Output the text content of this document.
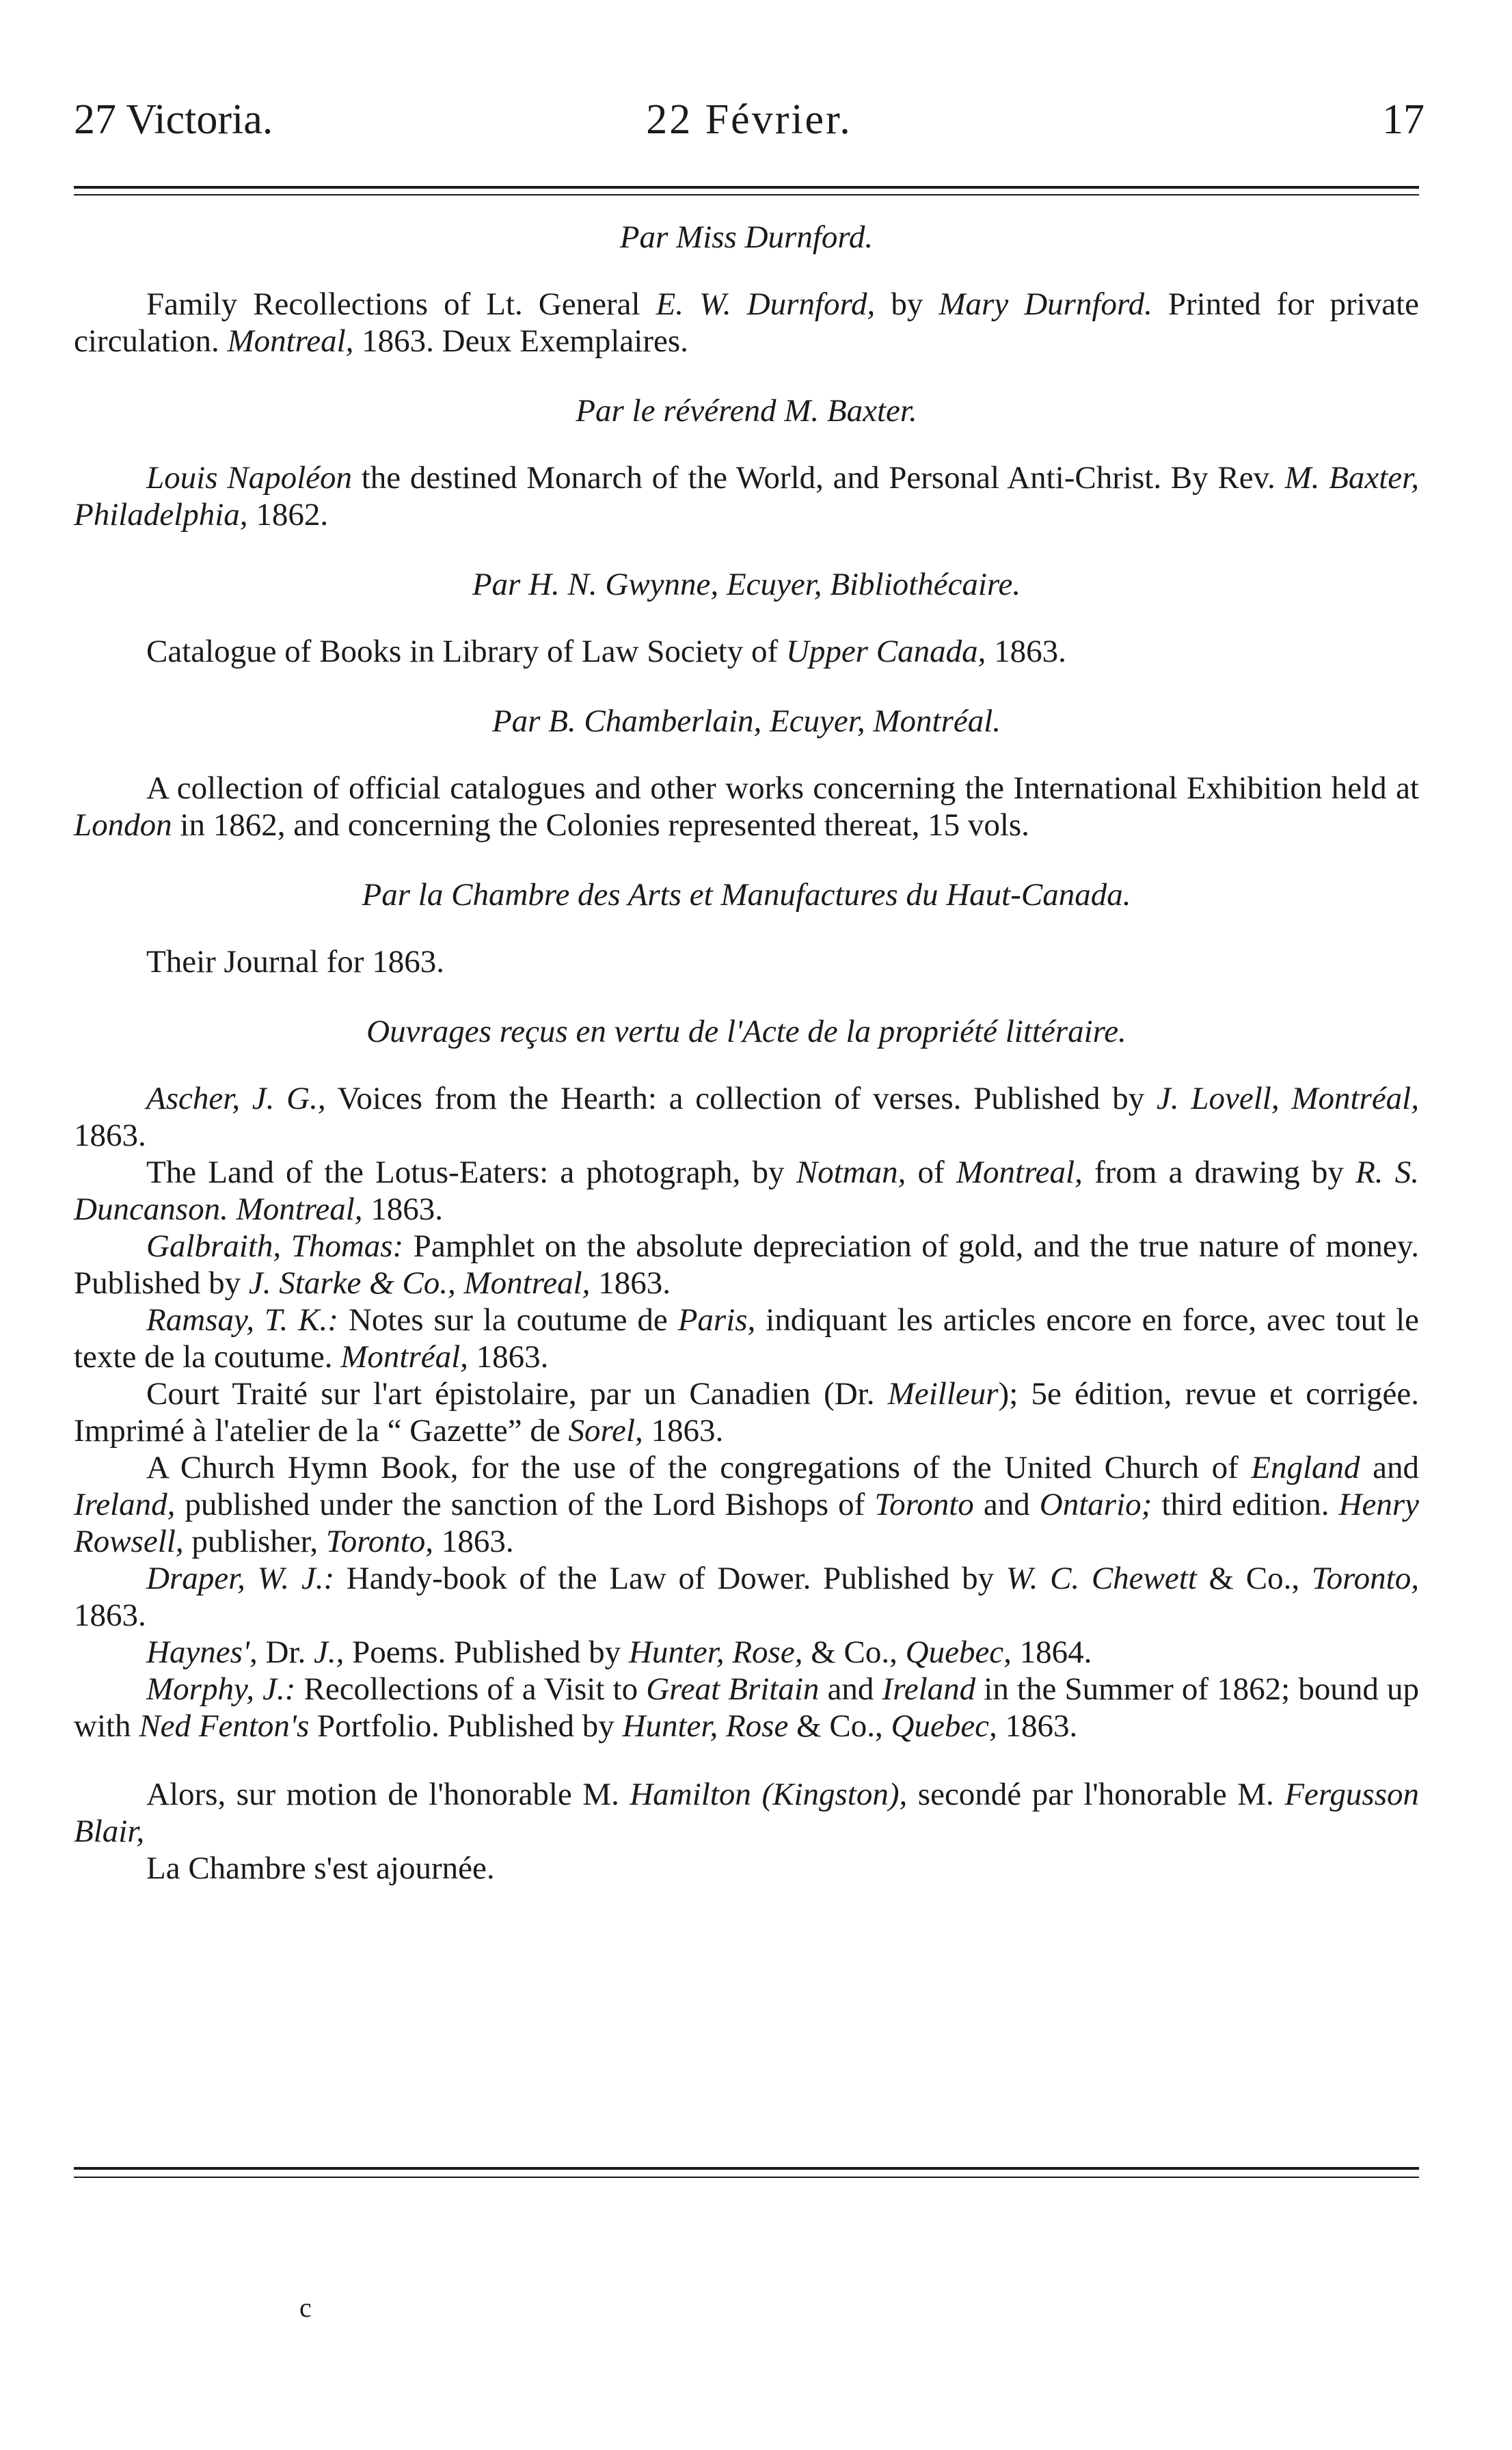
27 Victoria.	22 Février.	17

Par Miss Durnford.

Family Recollections of Lt. General E. W. Durnford, by Mary Durnford. Printed for private circulation. Montreal, 1863. Deux Exemplaires.

Par le révérend M. Baxter.

Louis Napoléon the destined Monarch of the World, and Personal Anti-Christ. By Rev. M. Baxter, Philadelphia, 1862.

Par H. N. Gwynne, Ecuyer, Bibliothécaire.

Catalogue of Books in Library of Law Society of Upper Canada, 1863.

Par B. Chamberlain, Ecuyer, Montréal.

A collection of official catalogues and other works concerning the International Exhibition held at London in 1862, and concerning the Colonies represented thereat, 15 vols.

Par la Chambre des Arts et Manufactures du Haut-Canada.

Their Journal for 1863.

Ouvrages reçus en vertu de l'Acte de la propriété littéraire.

Ascher, J. G., Voices from the Hearth: a collection of verses. Published by J. Lovell, Montréal, 1863.

The Land of the Lotus-Eaters: a photograph, by Notman, of Montreal, from a drawing by R. S. Duncanson. Montreal, 1863.

Galbraith, Thomas: Pamphlet on the absolute depreciation of gold, and the true nature of money. Published by J. Starke & Co., Montreal, 1863.

Ramsay, T. K.: Notes sur la coutume de Paris, indiquant les articles encore en force, avec tout le texte de la coutume. Montréal, 1863.

Court Traité sur l'art épistolaire, par un Canadien (Dr. Meilleur); 5e édition, revue et corrigée. Imprimé à l'atelier de la “ Gazette” de Sorel, 1863.

A Church Hymn Book, for the use of the congregations of the United Church of England and Ireland, published under the sanction of the Lord Bishops of Toronto and Ontario; third edition. Henry Rowsell, publisher, Toronto, 1863.

Draper, W. J.: Handy-book of the Law of Dower. Published by W. C. Chewett & Co., Toronto, 1863.

Haynes', Dr. J., Poems. Published by Hunter, Rose, & Co., Quebec, 1864.

Morphy, J.: Recollections of a Visit to Great Britain and Ireland in the Summer of 1862; bound up with Ned Fenton's Portfolio. Published by Hunter, Rose & Co., Quebec, 1863.

Alors, sur motion de l'honorable M. Hamilton (Kingston), secondé par l'honorable M. Fergusson Blair,

La Chambre s'est ajournée.

c
